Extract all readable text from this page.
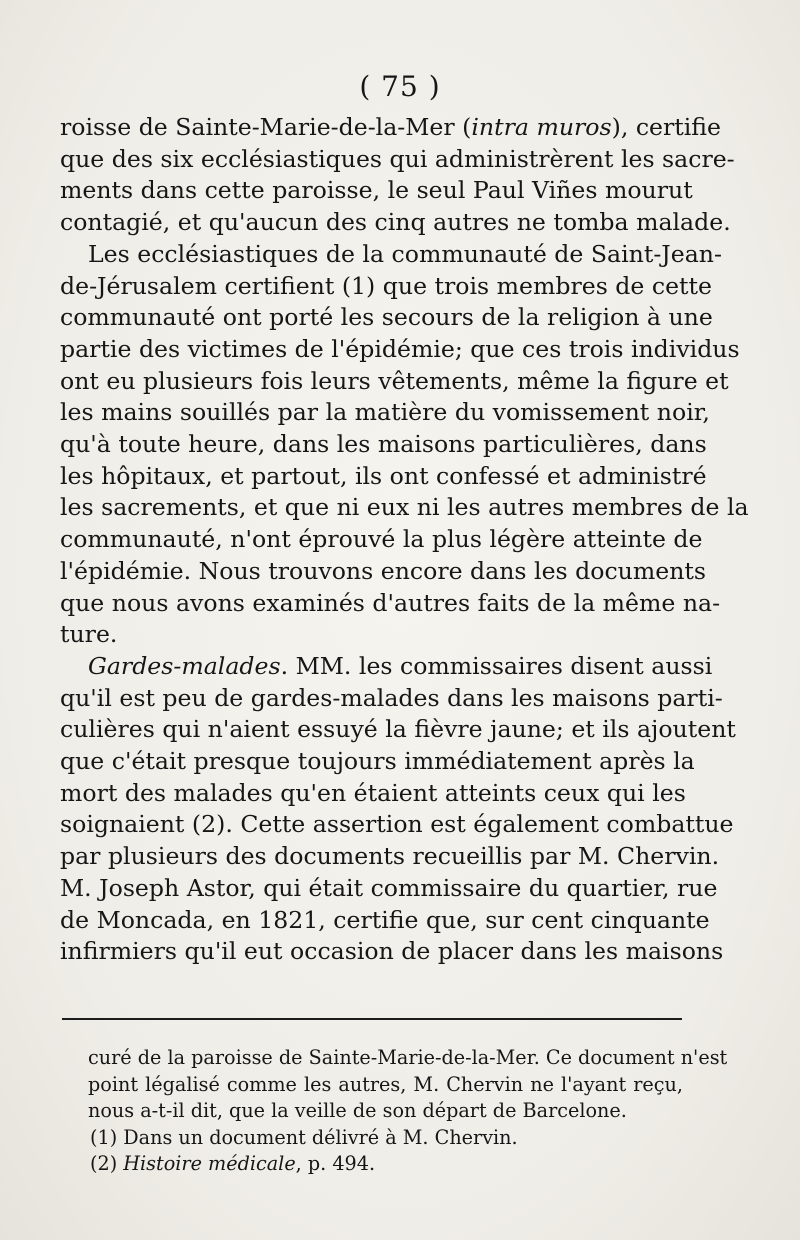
( 75 )
roisse de Sainte-Marie-de-la-Mer (intra muros), certifie
que des six ecclésiastiques qui administrèrent les sacre-
ments dans cette paroisse, le seul Paul Viñes mourut
contagié, et qu'aucun des cinq autres ne tomba malade.
Les ecclésiastiques de la communauté de Saint-Jean-
de-Jérusalem certifient (1) que trois membres de cette
communauté ont porté les secours de la religion à une
partie des victimes de l'épidémie; que ces trois individus
ont eu plusieurs fois leurs vêtements, même la figure et
les mains souillés par la matière du vomissement noir,
qu'à toute heure, dans les maisons particulières, dans
les hôpitaux, et partout, ils ont confessé et administré
les sacrements, et que ni eux ni les autres membres de la
communauté, n'ont éprouvé la plus légère atteinte de
l'épidémie. Nous trouvons encore dans les documents
que nous avons examinés d'autres faits de la même na-
ture.
Gardes-malades. MM. les commissaires disent aussi
qu'il est peu de gardes-malades dans les maisons parti-
culières qui n'aient essuyé la fièvre jaune; et ils ajoutent
que c'était presque toujours immédiatement après la
mort des malades qu'en étaient atteints ceux qui les
soignaient (2). Cette assertion est également combattue
par plusieurs des documents recueillis par M. Chervin.
M. Joseph Astor, qui était commissaire du quartier, rue
de Moncada, en 1821, certifie que, sur cent cinquante
infirmiers qu'il eut occasion de placer dans les maisons
curé de la paroisse de Sainte-Marie-de-la-Mer. Ce document n'est
point légalisé comme les autres, M. Chervin ne l'ayant reçu,
nous a-t-il dit, que la veille de son départ de Barcelone.
(1) Dans un document délivré à M. Chervin.
(2) Histoire médicale, p. 494.
